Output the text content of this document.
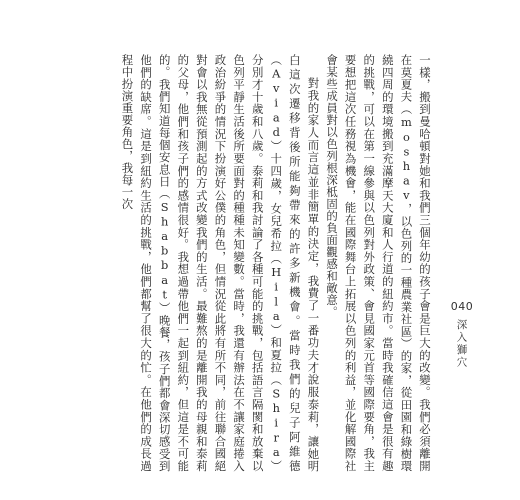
一樣，搬到曼哈頓對她和我們三個年幼的孩子會是巨大的改變。我們必須離開在莫夏夫（moshav，以色列的一種農業社區）的家，從田園和綠樹環繞四周的環境搬到充滿摩天大廈和人行道的紐約市。當時我確信這會是很有趣的挑戰，可以在第一線參與以色列對外政策、會見國家元首等國際要角，我主要想把這次任務視為機會，能在國際舞台上拓展以色列的利益，並化解國際社會某些成員對以色列根深柢固的負面觀感和敵意。

對我的家人而言這並非簡單的決定，我費了一番功夫才說服泰莉，讓她明白這次遷移背後所能夠帶來的許多新機會。當時我們的兒子阿維德（Aviad）十四歲，女兒希拉（Hila）和夏拉（Shira）分別才十歲和八歲。泰莉和我討論了各種可能的挑戰，包括語言隔閡和放棄以色列平靜生活後所要面對的種種未知變數。當時，我還有辦法在不讓家庭捲入政治紛爭的情況下扮演好公僕的角色，但情況從此將有所不同，前往聯合國絕對會以我無從預測起的方式改變我們的生活。最難熬的是離開我的母親和泰莉的父母，他們和孩子們的感情很好。我想過帶他們一起到紐約，但這是不可能的。我們知道每個安息日（Shabbat）晚餐，孩子們都會深切感受到他們的缺席。這是到紐約生活的挑戰，他們都幫了很大的忙。在他們的成長過程中扮演重要角色，我每一次

040
深入獅穴
